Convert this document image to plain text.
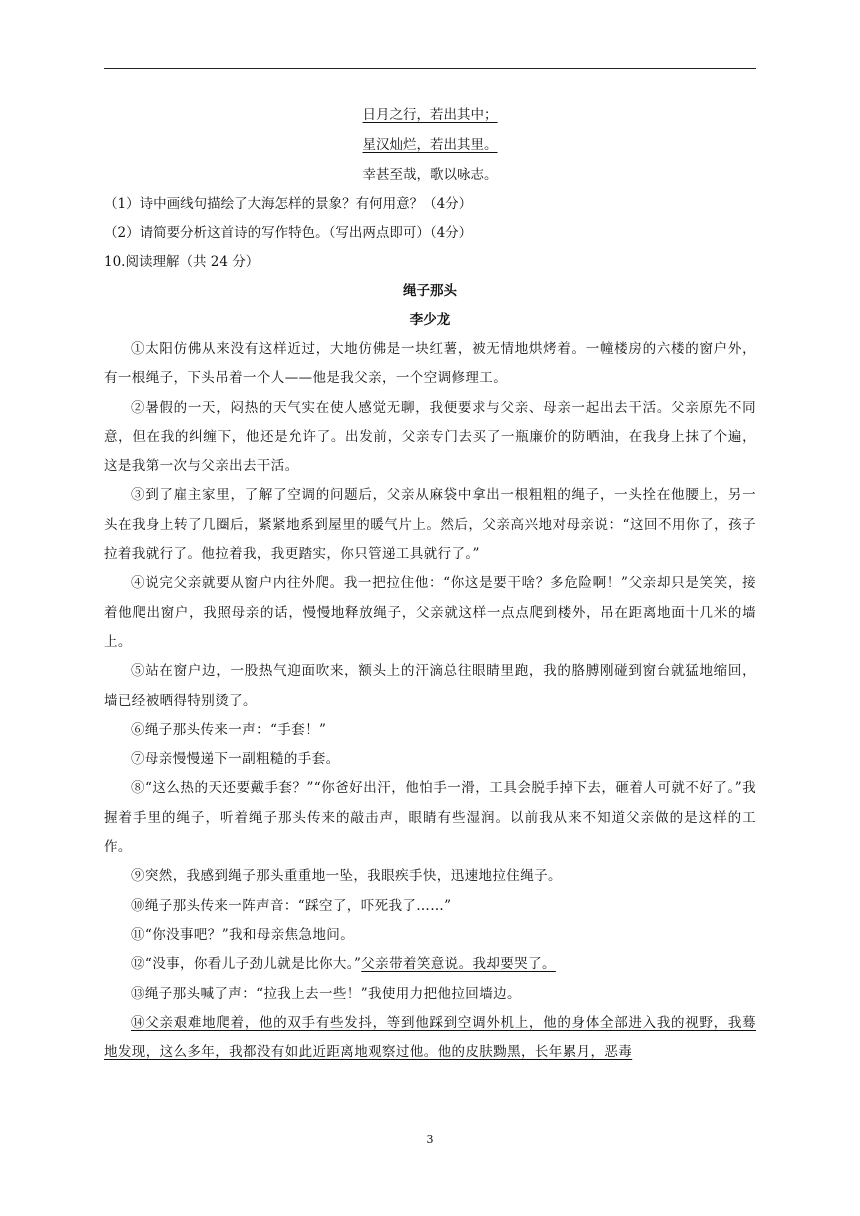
日月之行，若出其中；
星汉灿烂，若出其里。
幸甚至哉，歌以咏志。
（1）诗中画线句描绘了大海怎样的景象？有何用意？（4分）
（2）请简要分析这首诗的写作特色。（写出两点即可）（4分）
10.阅读理解（共 24 分）
绳子那头
李少龙

①太阳仿佛从来没有这样近过，大地仿佛是一块红薯，被无情地烘烤着。一幢楼房的六楼的窗户外，有一根绳子，下头吊着一个人——他是我父亲，一个空调修理工。

②暑假的一天，闷热的天气实在使人感觉无聊，我便要求与父亲、母亲一起出去干活。父亲原先不同意，但在我的纠缠下，他还是允许了。出发前，父亲专门去买了一瓶廉价的防晒油，在我身上抹了个遍，这是我第一次与父亲出去干活。

③到了雇主家里，了解了空调的问题后，父亲从麻袋中拿出一根粗粗的绳子，一头拴在他腰上，另一头在我身上转了几圈后，紧紧地系到屋里的暖气片上。然后，父亲高兴地对母亲说：“这回不用你了，孩子拉着我就行了。他拉着我，我更踏实，你只管递工具就行了。”

④说完父亲就要从窗户内往外爬。我一把拉住他：“你这是要干啥？多危险啊！”父亲却只是笑笑，接着他爬出窗户，我照母亲的话，慢慢地释放绳子，父亲就这样一点点爬到楼外，吊在距离地面十几米的墙上。

⑤站在窗户边，一股热气迎面吹来，额头上的汗滴总往眼睛里跑，我的胳膊刚碰到窗台就猛地缩回，墙已经被晒得特别烫了。

⑥绳子那头传来一声：“手套！”

⑦母亲慢慢递下一副粗糙的手套。

⑧“这么热的天还要戴手套？”“你爸好出汗，他怕手一滑，工具会脱手掉下去，砸着人可就不好了。”我握着手里的绳子，听着绳子那头传来的敲击声，眼睛有些湿润。以前我从来不知道父亲做的是这样的工作。

⑨突然，我感到绳子那头重重地一坠，我眼疾手快，迅速地拉住绳子。

⑩绳子那头传来一阵声音：“踩空了，吓死我了……”

⑪“你没事吧？”我和母亲焦急地问。

⑫“没事，你看儿子劲儿就是比你大。”父亲带着笑意说。我却要哭了。

⑬绳子那头喊了声：“拉我上去一些！”我使用力把他拉回墙边。

⑭父亲艰难地爬着，他的双手有些发抖，等到他踩到空调外机上，他的身体全部进入我的视野，我蓦地发现，这么多年，我都没有如此近距离地观察过他。他的皮肤黝黑，长年累月，恶毒

3
